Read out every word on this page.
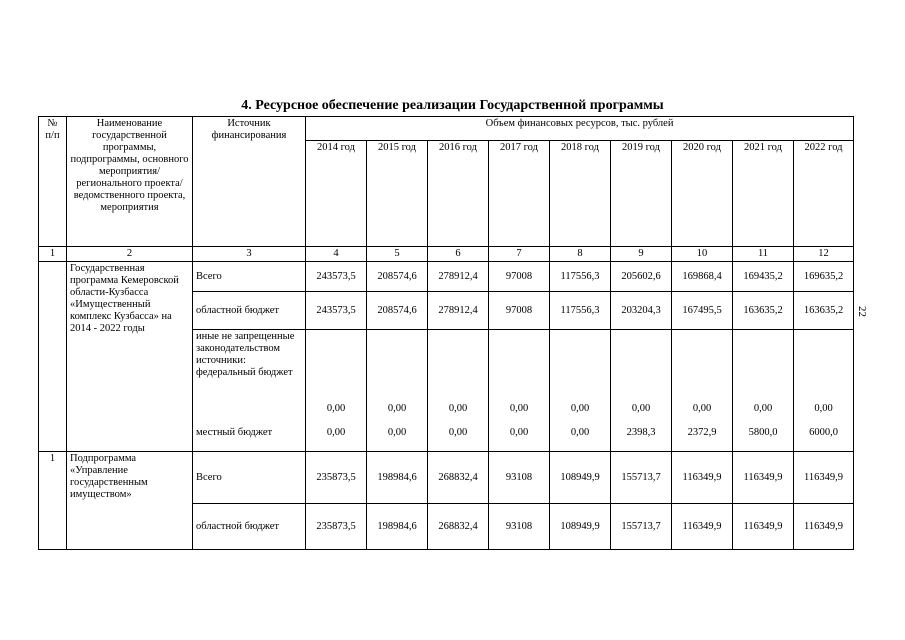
4. Ресурсное обеспечение реализации Государственной программы
22
№ п/п	Наименование государственной программы, подпрограммы, основного мероприятия/ регионального проекта/ ведомственного проекта, мероприятия	Источник финансирования	Объем финансовых ресурсов, тыс. рублей								
			2014 год	2015 год	2016 год	2017 год	2018 год	2019 год	2020 год	2021 год	2022 год
1	2	3	4	5	6	7	8	9	10	11	12
	Государственная программа Кемеровской области-Кузбасса «Имущественный комплекс Кузбасса» на 2014 - 2022 годы	Всего	243573,5	208574,6	278912,4	97008	117556,3	205602,6	169868,4	169435,2	169635,2
		областной бюджет	243573,5	208574,6	278912,4	97008	117556,3	203204,3	167495,5	163635,2	163635,2
		иные не запрещенные законодательством источники: федеральный бюджет	0,00	0,00	0,00	0,00	0,00	0,00	0,00	0,00	0,00
		местный бюджет	0,00	0,00	0,00	0,00	0,00	2398,3	2372,9	5800,0	6000,0
1	Подпрограмма «Управление государственным имуществом»	Всего	235873,5	198984,6	268832,4	93108	108949,9	155713,7	116349,9	116349,9	116349,9
		областной бюджет	235873,5	198984,6	268832,4	93108	108949,9	155713,7	116349,9	116349,9	116349,9
